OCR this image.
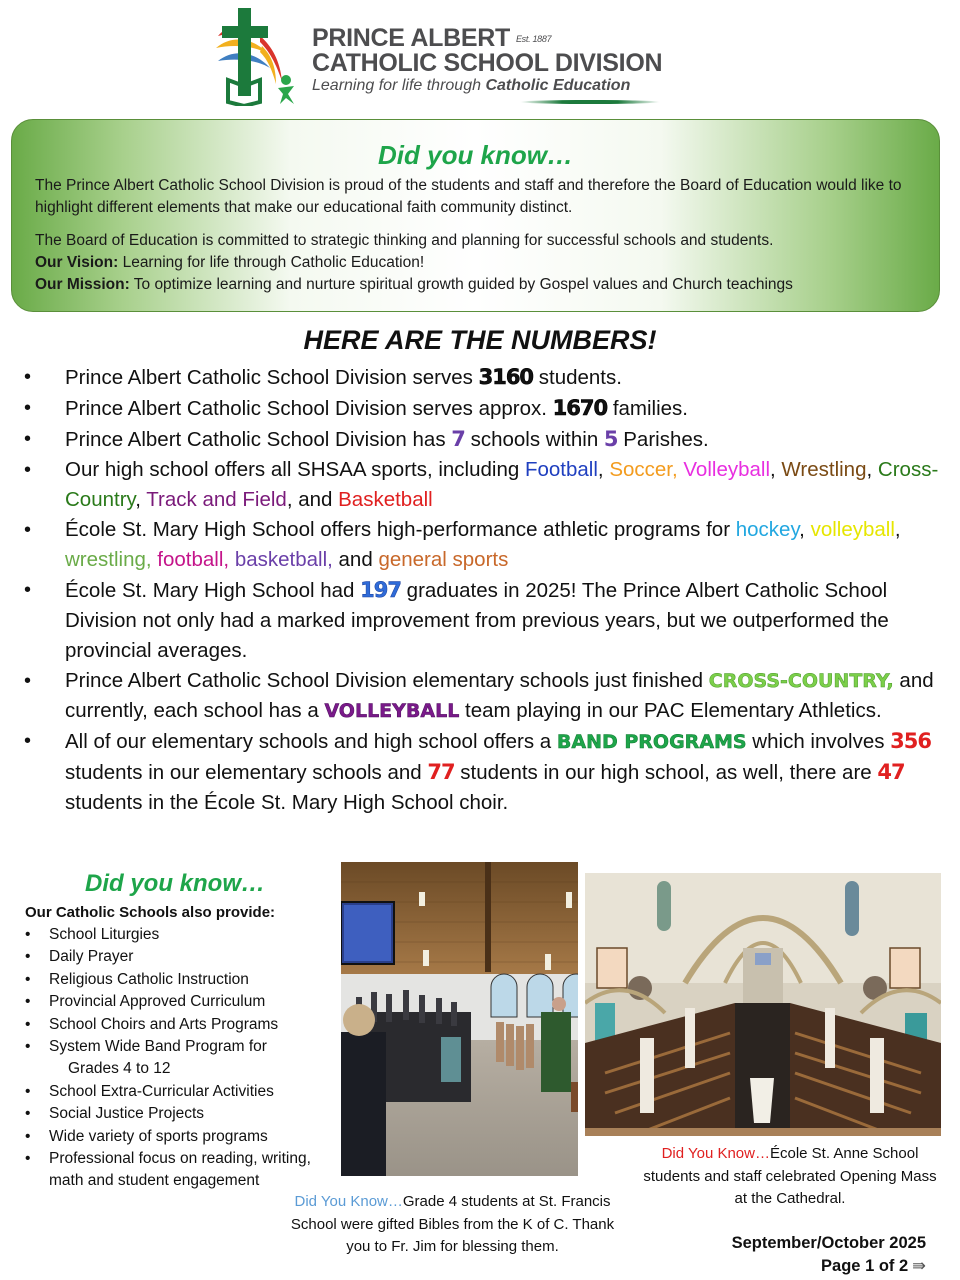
PRINCE ALBERT Est. 1887
CATHOLIC SCHOOL DIVISION
Learning for life through Catholic Education
Did you know…
The Prince Albert Catholic School Division is proud of the students and staff and therefore the Board of Education would like to highlight different elements that make our educational faith community distinct.
The Board of Education is committed to strategic thinking and planning for successful schools and students.
Our Vision: Learning for life through Catholic Education!
Our Mission: To optimize learning and nurture spiritual growth guided by Gospel values and Church teachings
HERE ARE THE NUMBERS!
• Prince Albert Catholic School Division serves 3160 students.
• Prince Albert Catholic School Division serves approx. 1670 families.
• Prince Albert Catholic School Division has 7 schools within 5 Parishes.
• Our high school offers all SHSAA sports, including Football, Soccer, Volleyball, Wrestling, Cross-Country, Track and Field, and Basketball
• École St. Mary High School offers high-performance athletic programs for hockey, volleyball, wrestling, football, basketball, and general sports
• École St. Mary High School had 197 graduates in 2025! The Prince Albert Catholic School Division not only had a marked improvement from previous years, but we outperformed the provincial averages.
• Prince Albert Catholic School Division elementary schools just finished CROSS-COUNTRY, and currently, each school has a VOLLEYBALL team playing in our PAC Elementary Athletics.
• All of our elementary schools and high school offers a BAND PROGRAMS which involves 356 students in our elementary schools and 77 students in our high school, as well, there are 47 students in the École St. Mary High School choir.
Did you know…
Our Catholic Schools also provide:
• School Liturgies
• Daily Prayer
• Religious Catholic Instruction
• Provincial Approved Curriculum
• School Choirs and Arts Programs
• System Wide Band Program for
Grades 4 to 12
• School Extra-Curricular Activities
• Social Justice Projects
• Wide variety of sports programs
• Professional focus on reading, writing, math and student engagement
Did You Know…Grade 4 students at St. Francis School were gifted Bibles from the K of C. Thank you to Fr. Jim for blessing them.
Did You Know…École St. Anne School students and staff celebrated Opening Mass at the Cathedral.
September/October 2025
Page 1 of 2 ⇛
